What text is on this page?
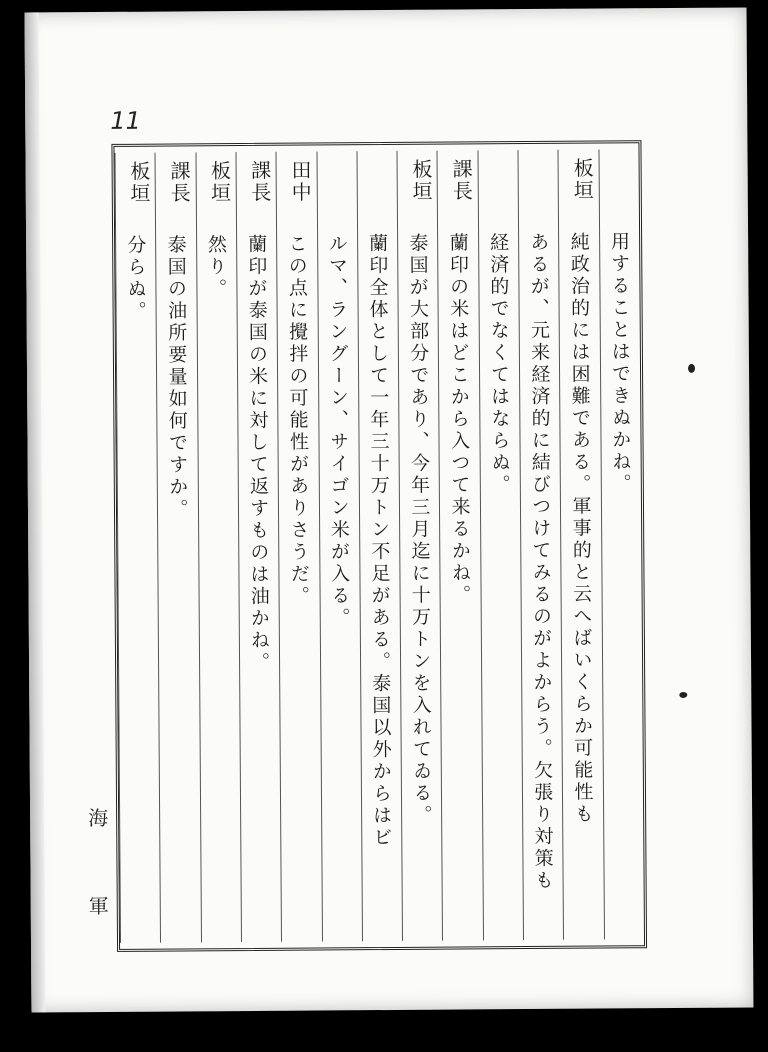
11
海
軍
用することはできぬかね。
板垣
純政治的には困難である。軍事的と云へばいくらか可能性も
あるが、元来経済的に結びつけてみるのがよからう。欠張り対策も
経済的でなくてはならぬ。
課長
蘭印の米はどこから入つて来るかね。
板垣
泰国が大部分であり、今年三月迄に十万トンを入れてゐる。
蘭印全体として一年三十万トン不足がある。泰国以外からはビ
ルマ、ラングーン、サイゴン米が入る。
田中
この点に攪拌の可能性がありさうだ。
課長
蘭印が泰国の米に対して返すものは油かね。
板垣
然り。
課長
泰国の油所要量如何ですか。
板垣
分らぬ。
